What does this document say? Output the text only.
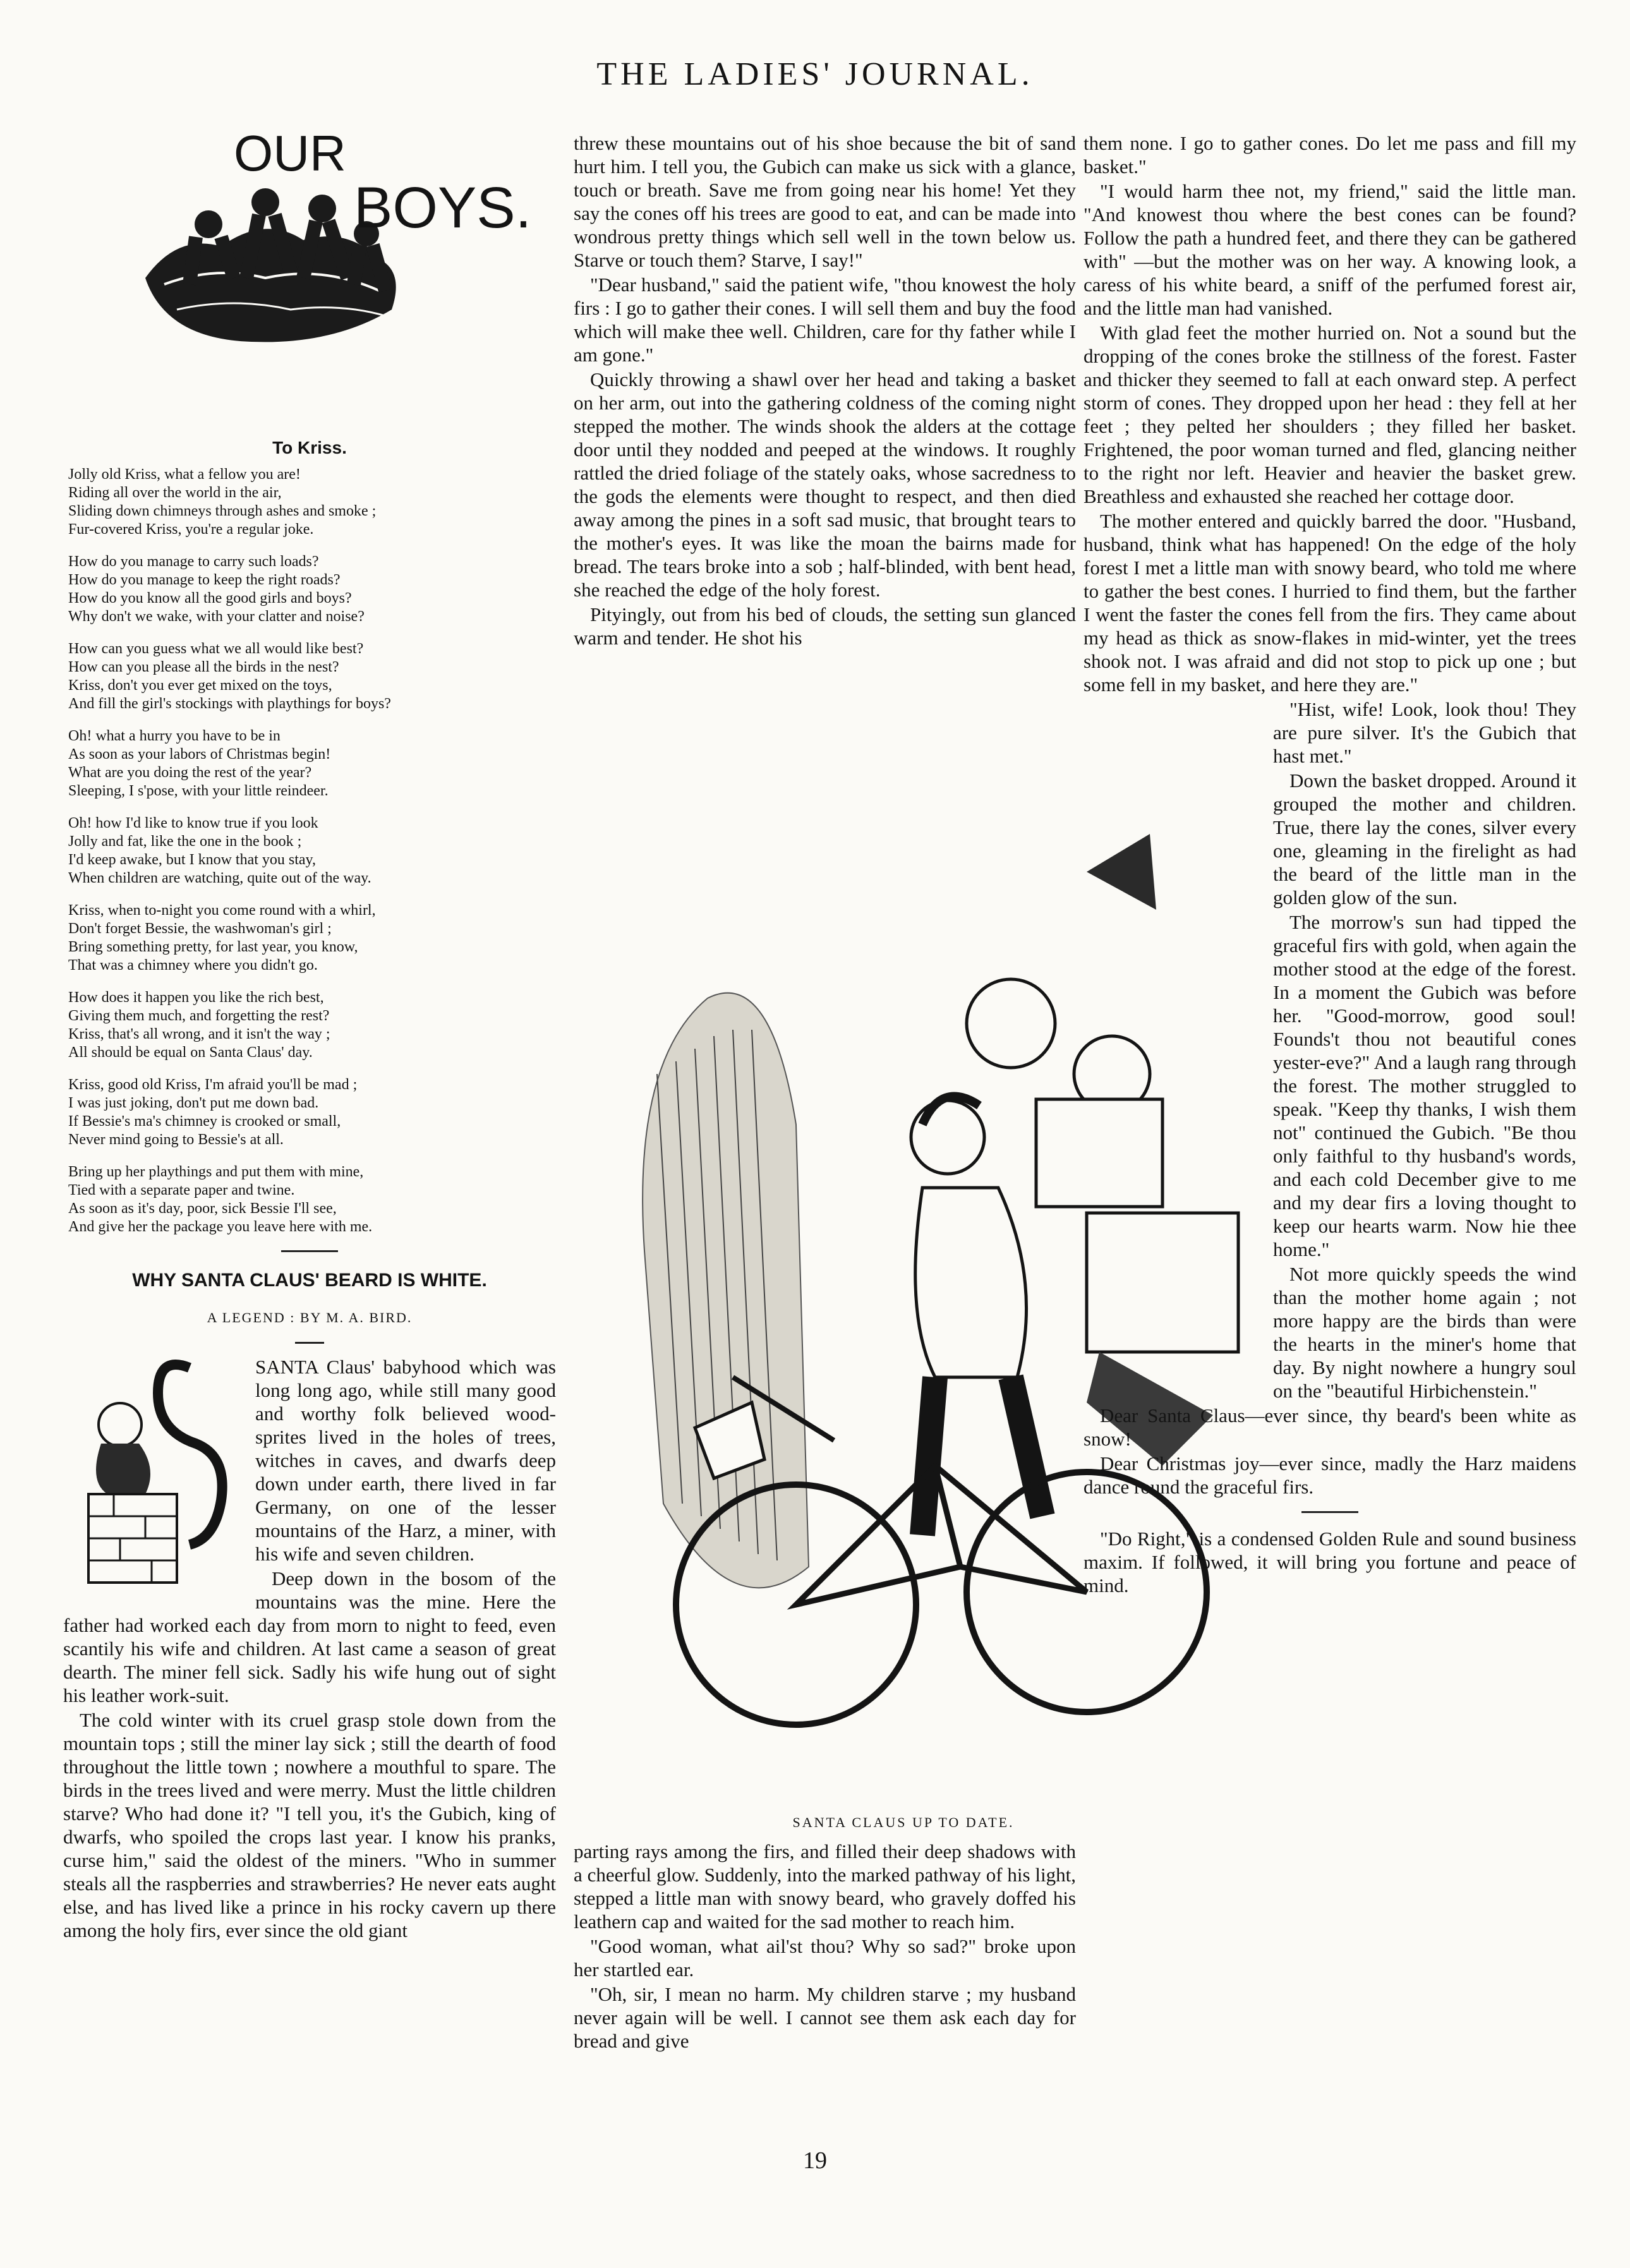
THE LADIES' JOURNAL.
OUR
BOYS.
To Kriss.
Jolly old Kriss, what a fellow you are!
Riding all over the world in the air,
Sliding down chimneys through ashes and smoke ;
Fur-covered Kriss, you're a regular joke.
How do you manage to carry such loads?
How do you manage to keep the right roads?
How do you know all the good girls and boys?
Why don't we wake, with your clatter and noise?
How can you guess what we all would like best?
How can you please all the birds in the nest?
Kriss, don't you ever get mixed on the toys,
And fill the girl's stockings with playthings for boys?
Oh! what a hurry you have to be in
As soon as your labors of Christmas begin!
What are you doing the rest of the year?
Sleeping, I s'pose, with your little reindeer.
Oh! how I'd like to know true if you look
Jolly and fat, like the one in the book ;
I'd keep awake, but I know that you stay,
When children are watching, quite out of the way.
Kriss, when to-night you come round with a whirl,
Don't forget Bessie, the washwoman's girl ;
Bring something pretty, for last year, you know,
That was a chimney where you didn't go.
How does it happen you like the rich best,
Giving them much, and forgetting the rest?
Kriss, that's all wrong, and it isn't the way ;
All should be equal on Santa Claus' day.
Kriss, good old Kriss, I'm afraid you'll be mad ;
I was just joking, don't put me down bad.
If Bessie's ma's chimney is crooked or small,
Never mind going to Bessie's at all.
Bring up her playthings and put them with mine,
Tied with a separate paper and twine.
As soon as it's day, poor, sick Bessie I'll see,
And give her the package you leave here with me.
WHY SANTA CLAUS' BEARD IS WHITE.
A LEGEND : BY M. A. BIRD.

SANTA Claus' babyhood which was long long ago, while still many good and worthy folk believed wood-sprites lived in the holes of trees, witches in caves, and dwarfs deep down under earth, there lived in far Germany, on one of the lesser mountains of the Harz, a miner, with his wife and seven children.

Deep down in the bosom of the mountains was the mine. Here the father had worked each day from morn to night to feed, even scantily his wife and children. At last came a season of great dearth. The miner fell sick. Sadly his wife hung out of sight his leather work-suit.

The cold winter with its cruel grasp stole down from the mountain tops ; still the miner lay sick ; still the dearth of food throughout the little town ; nowhere a mouthful to spare. The birds in the trees lived and were merry. Must the little children starve? Who had done it? "I tell you, it's the Gubich, king of dwarfs, who spoiled the crops last year. I know his pranks, curse him," said the oldest of the miners. "Who in summer steals all the raspberries and strawberries? He never eats aught else, and has lived like a prince in his rocky cavern up there among the holy firs, ever since the old giant

threw these mountains out of his shoe because the bit of sand hurt him. I tell you, the Gubich can make us sick with a glance, touch or breath. Save me from going near his home! Yet they say the cones off his trees are good to eat, and can be made into wondrous pretty things which sell well in the town below us. Starve or touch them? Starve, I say!"

"Dear husband," said the patient wife, "thou knowest the holy firs : I go to gather their cones. I will sell them and buy the food which will make thee well. Children, care for thy father while I am gone."

Quickly throwing a shawl over her head and taking a basket on her arm, out into the gathering coldness of the coming night stepped the mother. The winds shook the alders at the cottage door until they nodded and peeped at the windows. It roughly rattled the dried foliage of the stately oaks, whose sacredness to the gods the elements were thought to respect, and then died away among the pines in a soft sad music, that brought tears to the mother's eyes. It was like the moan the bairns made for bread. The tears broke into a sob ; half-blinded, with bent head, she reached the edge of the holy forest.

Pityingly, out from his bed of clouds, the setting sun glanced warm and tender. He shot his

SANTA CLAUS UP TO DATE.

parting rays among the firs, and filled their deep shadows with a cheerful glow. Suddenly, into the marked pathway of his light, stepped a little man with snowy beard, who gravely doffed his leathern cap and waited for the sad mother to reach him.

"Good woman, what ail'st thou? Why so sad?" broke upon her startled ear.

"Oh, sir, I mean no harm. My children starve ; my husband never again will be well. I cannot see them ask each day for bread and give

them none. I go to gather cones. Do let me pass and fill my basket."

"I would harm thee not, my friend," said the little man. "And knowest thou where the best cones can be found? Follow the path a hundred feet, and there they can be gathered with" —but the mother was on her way. A knowing look, a caress of his white beard, a sniff of the perfumed forest air, and the little man had vanished.

With glad feet the mother hurried on. Not a sound but the dropping of the cones broke the stillness of the forest. Faster and thicker they seemed to fall at each onward step. A perfect storm of cones. They dropped upon her head : they fell at her feet ; they pelted her shoulders ; they filled her basket. Frightened, the poor woman turned and fled, glancing neither to the right nor left. Heavier and heavier the basket grew. Breathless and exhausted she reached her cottage door.

The mother entered and quickly barred the door. "Husband, husband, think what has happened! On the edge of the holy forest I met a little man with snowy beard, who told me where to gather the best cones. I hurried to find them, but the farther I went the faster the cones fell from the firs. They came about my head as thick as snow-flakes in mid-winter, yet the trees shook not. I was afraid and did not stop to pick up one ; but some fell in my basket, and here they are."

"Hist, wife! Look, look thou! They are pure silver. It's the Gubich that hast met."

Down the basket dropped. Around it grouped the mother and children. True, there lay the cones, silver every one, gleaming in the firelight as had the beard of the little man in the golden glow of the sun.

The morrow's sun had tipped the graceful firs with gold, when again the mother stood at the edge of the forest. In a moment the Gubich was before her. "Good-morrow, good soul! Founds't thou not beautiful cones yester-eve?" And a laugh rang through the forest. The mother struggled to speak. "Keep thy thanks, I wish them not" continued the Gubich. "Be thou only faithful to thy husband's words, and each cold December give to me and my dear firs a loving thought to keep our hearts warm. Now hie thee home."

Not more quickly speeds the wind than the mother home again ; not more happy are the birds than were the hearts in the miner's home that day. By night nowhere a hungry soul on the "beautiful Hirbichenstein."

Dear Santa Claus—ever since, thy beard's been white as snow!

Dear Christmas joy—ever since, madly the Harz maidens dance round the graceful firs.

"Do Right," is a condensed Golden Rule and sound business maxim. If followed, it will bring you fortune and peace of mind.

19
